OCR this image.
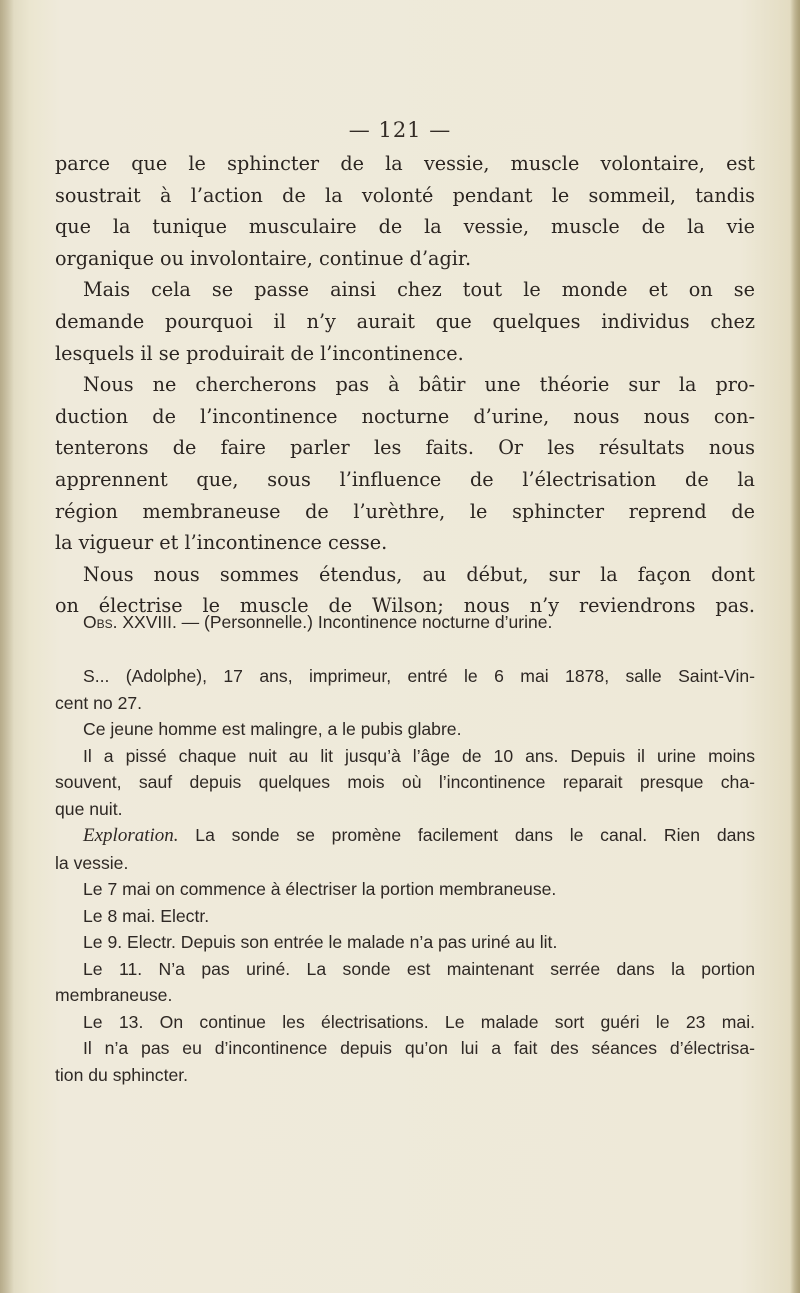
— 121 —
parce que le sphincter de la vessie, muscle volontaire, est
soustrait à l’action de la volonté pendant le sommeil, tandis
que la tunique musculaire de la vessie, muscle de la vie
organique ou involontaire, continue d’agir.
Mais cela se passe ainsi chez tout le monde et on se
demande pourquoi il n’y aurait que quelques individus chez
lesquels il se produirait de l’incontinence.
Nous ne chercherons pas à bâtir une théorie sur la pro-
duction de l’incontinence nocturne d’urine, nous nous con-
tenterons de faire parler les faits. Or les résultats nous
apprennent que, sous l’influence de l’électrisation de la
région membraneuse de l’urèthre, le sphincter reprend de
la vigueur et l’incontinence cesse.
Nous nous sommes étendus, au début, sur la façon dont
on électrise le muscle de Wilson; nous n’y reviendrons pas.
Obs. XXVIII. — (Personnelle.) Incontinence nocturne d’urine.
S... (Adolphe), 17 ans, imprimeur, entré le 6 mai 1878, salle Saint-Vin-
cent no 27.
Ce jeune homme est malingre, a le pubis glabre.
Il a pissé chaque nuit au lit jusqu’à l’âge de 10 ans. Depuis il urine moins
souvent, sauf depuis quelques mois où l’incontinence reparait presque cha-
que nuit.
Exploration. La sonde se promène facilement dans le canal. Rien dans
la vessie.
Le 7 mai on commence à électriser la portion membraneuse.
Le 8 mai. Electr.
Le 9. Electr. Depuis son entrée le malade n’a pas uriné au lit.
Le 11. N’a pas uriné. La sonde est maintenant serrée dans la portion
membraneuse.
Le 13. On continue les électrisations. Le malade sort guéri le 23 mai.
Il n’a pas eu d’incontinence depuis qu’on lui a fait des séances d’électrisa-
tion du sphincter.
